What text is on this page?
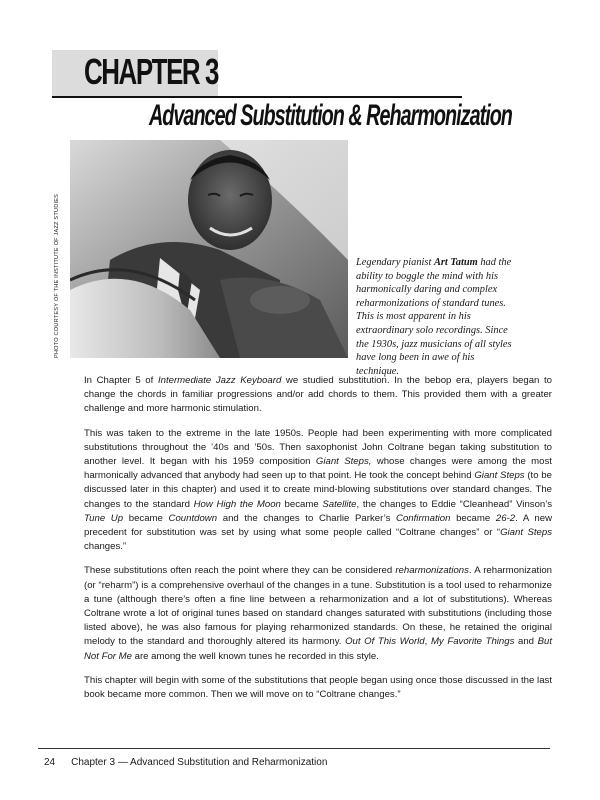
CHAPTER 3
Advanced Substitution & Reharmonization
PHOTO COURTESY OF THE INSTITUTE OF JAZZ STUDIES	Legendary pianist Art Tatum had the ability to boggle the mind with his harmonically daring and complex reharmonizations of standard tunes. This is most apparent in his extraordinary solo recordings. Since the 1930s, jazz musicians of all styles have long been in awe of his technique.

In Chapter 5 of Intermediate Jazz Keyboard we studied substitution. In the bebop era, players began to change the chords in familiar progressions and/or add chords to them. This provided them with a greater challenge and more harmonic stimulation.

This was taken to the extreme in the late 1950s. People had been experimenting with more complicated substitutions throughout the ’40s and ’50s. Then saxophonist John Coltrane began taking substitution to another level. It began with his 1959 composition Giant Steps, whose changes were among the most harmonically advanced that anybody had seen up to that point. He took the concept behind Giant Steps (to be discussed later in this chapter) and used it to create mind-blowing substitutions over standard changes. The changes to the standard How High the Moon became Satellite, the changes to Eddie “Cleanhead” Vinson’s Tune Up became Countdown and the changes to Charlie Parker’s Confirmation became 26-2. A new precedent for substitution was set by using what some people called “Coltrane changes” or “Giant Steps changes.”

These substitutions often reach the point where they can be considered reharmonizations. A reharmonization (or “reharm”) is a comprehensive overhaul of the changes in a tune. Substitution is a tool used to reharmonize a tune (although there’s often a fine line between a reharmonization and a lot of substitutions). Whereas Coltrane wrote a lot of original tunes based on standard changes saturated with substitutions (including those listed above), he was also famous for playing reharmonized standards. On these, he retained the original melody to the standard and thoroughly altered its harmony. Out Of This World, My Favorite Things and But Not For Me are among the well known tunes he recorded in this style.

This chapter will begin with some of the substitutions that people began using once those discussed in the last book became more common. Then we will move on to “Coltrane changes.”

24 Chapter 3 — Advanced Substitution and Reharmonization
